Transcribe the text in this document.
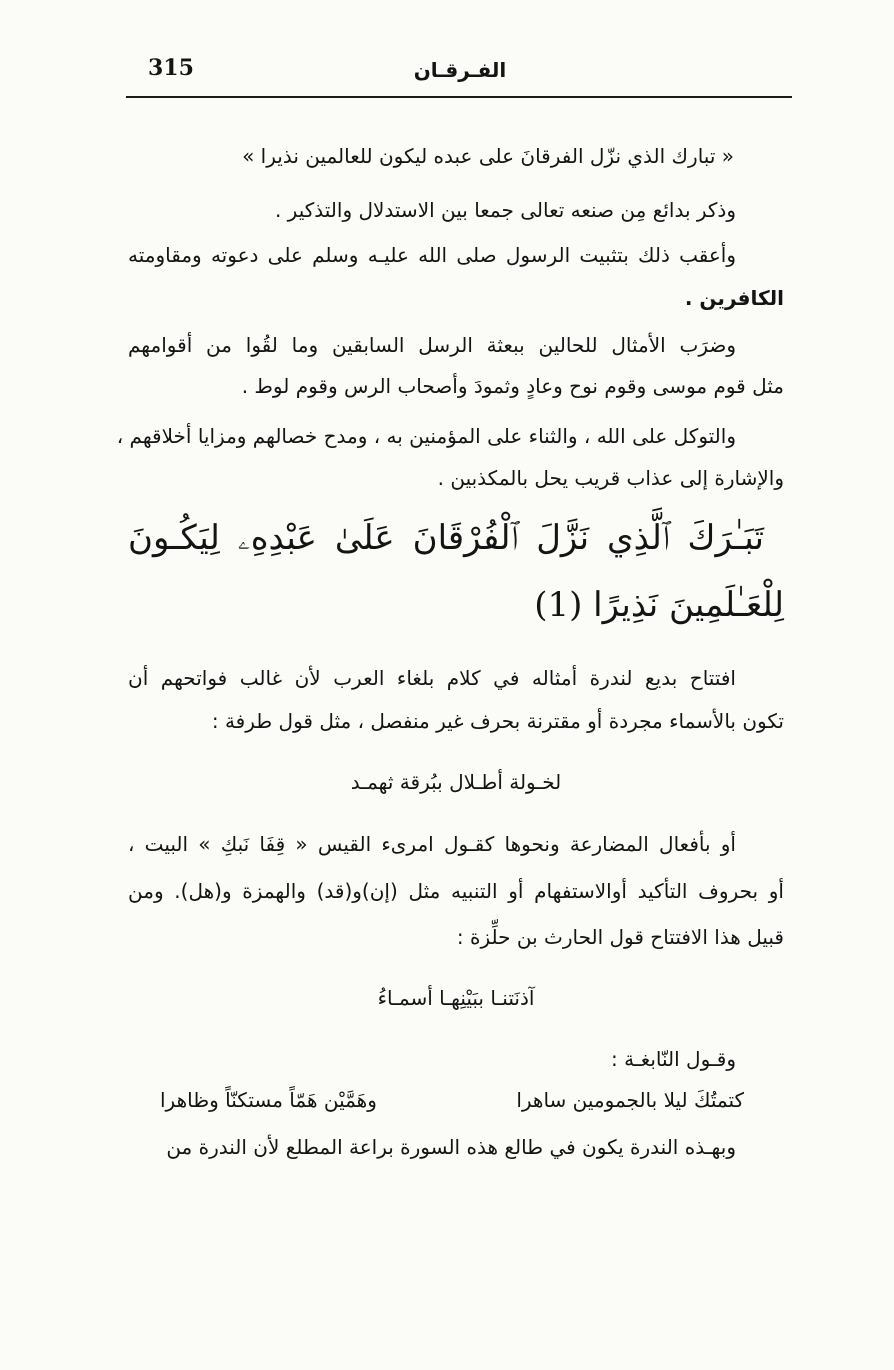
315	الفـرقـان
« تبارك الذي نزّل الفرقانَ على عبده ليكون للعالمين نذيرا »
وذكر بدائع مِن صنعه تعالى جمعا بين الاستدلال والتذكير .
وأعقب ذلك بتثبيت الرسول صلى الله عليـه وسلم على دعوته ومقاومته
الكافرين .
وضرَب الأمثال للحالين ببعثة الرسل السابقين وما لقُوا من أقوامهم
مثل قوم موسى وقوم نوح وعادٍ وثمودَ وأصحاب الرس وقوم لوط .
والتوكل على الله ، والثناء على المؤمنين به ، ومدح خصالهم ومزايا أخلاقهم ،
والإشارة إلى عذاب قريب يحل بالمكذبين .
تَبَـٰرَكَ ٱلَّذِي نَزَّلَ ٱلْفُرْقَانَ عَلَىٰ عَبْدِهِۦ لِيَكُـونَ
لِلْعَـٰلَمِينَ نَذِيرًا (1)
افتتاح بديع لندرة أمثاله في كلام بلغاء العرب لأن غالب فواتحهم أن
تكون بالأسماء مجردة أو مقترنة بحرف غير منفصل ، مثل قول طرفة :
لخـولة أطـلال ببُرقة ثهمـد
أو بأفعال المضارعة ونحوها كقـول امرىء القيس « قِفَا نَبكِ » البيت ،
أو بحروف التأكيد أوالاستفهام أو التنبيه مثل (إن)و(قد) والهمزة و(هل). ومن
قبيل هذا الافتتاح قول الحارث بن حلِّزة :
آذنَتنـا ببَيْنِهـا أسمـاءُ
وقـول النّابغـة :
كتمتُكَ ليلا بالجمومين ساهرا
وهَمَّيْن هَمّاً مستكنّاً وظاهرا
وبهـذه الندرة يكون في طالع هذه السورة براعة المطلع لأن الندرة من
